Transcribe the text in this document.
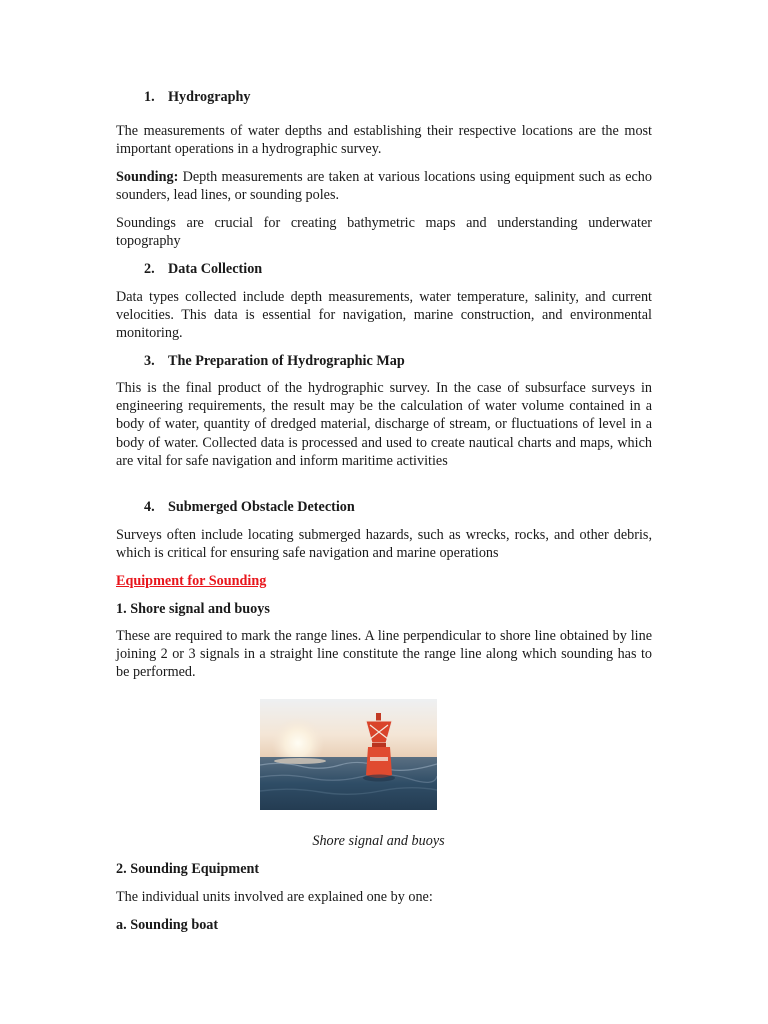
1. Hydrography

The measurements of water depths and establishing their respective locations are the most important operations in a hydrographic survey.

Sounding: Depth measurements are taken at various locations using equipment such as echo sounders, lead lines, or sounding poles.

Soundings are crucial for creating bathymetric maps and understanding underwater topography

2. Data Collection

Data types collected include depth measurements, water temperature, salinity, and current velocities. This data is essential for navigation, marine construction, and environmental monitoring.

3. The Preparation of Hydrographic Map

This is the final product of the hydrographic survey. In the case of subsurface surveys in engineering requirements, the result may be the calculation of water volume contained in a body of water, quantity of dredged material, discharge of stream, or fluctuations of level in a body of water. Collected data is processed and used to create nautical charts and maps, which are vital for safe navigation and inform maritime activities

4. Submerged Obstacle Detection

Surveys often include locating submerged hazards, such as wrecks, rocks, and other debris, which is critical for ensuring safe navigation and marine operations

Equipment for Sounding

1. Shore signal and buoys

These are required to mark the range lines. A line perpendicular to shore line obtained by line joining 2 or 3 signals in a straight line constitute the range line along which sounding has to be performed.

Shore signal and buoys

2. Sounding Equipment

The individual units involved are explained one by one:

a. Sounding boat
